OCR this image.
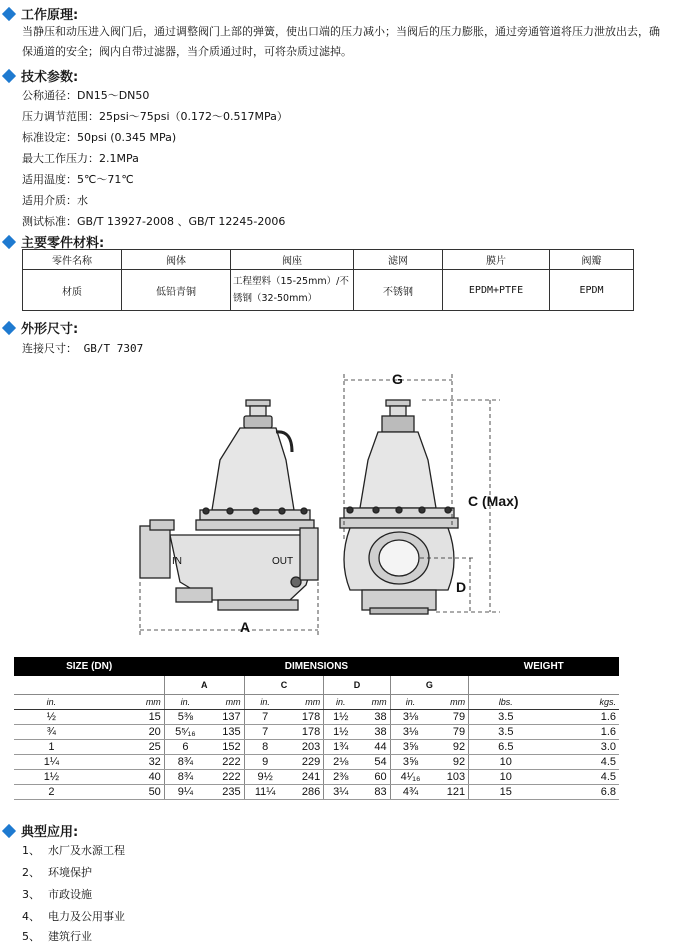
工作原理:
当静压和动压进入阀门后，通过调整阀门上部的弹簧，使出口端的压力减小；当阀后的压力膨胀，通过旁通管道将压力泄放出去，确保通道的安全；阀内自带过滤器，当介质通过时，可将杂质过滤掉。
技术参数:
公称通径：DN15～DN50
压力调节范围：25psi～75psi（0.172～0.517MPa）
标准设定：50psi (0.345 MPa)
最大工作压力：2.1MPa
适用温度：5℃～71℃
适用介质：水
测试标准：GB/T 13927-2008 、GB/T 12245-2006
主要零件材料:
零件名称	阀体	阀座	滤网	膜片	阀瓣
材质	低铅青铜	工程塑料（15-25mm）/不锈钢（32-50mm）	不锈钢	EPDM+PTFE	EPDM
外形尺寸:
连接尺寸： GB/T 7307
IN	OUT
A
G
C (Max)
D
SIZE (DN)		DIMENSIONS								WEIGHT	
		A		C		D		G			
in.	mm	in.	mm	in.	mm	in.	mm	in.	mm	lbs.	kgs.
½	15	5⅜	137	7	178	1½	38	3⅛	79	3.5	1.6
¾	20	5⁵⁄₁₆	135	7	178	1½	38	3⅛	79	3.5	1.6
1	25	6	152	8	203	1¾	44	3⅝	92	6.5	3.0
1¼	32	8¾	222	9	229	2⅛	54	3⅝	92	10	4.5
1½	40	8¾	222	9½	241	2⅜	60	4¹⁄₁₆	103	10	4.5
2	50	9¼	235	11¼	286	3¼	83	4¾	121	15	6.8
典型应用:
1、 水厂及水源工程
2、 环境保护
3、 市政设施
4、 电力及公用事业
5、 建筑行业
